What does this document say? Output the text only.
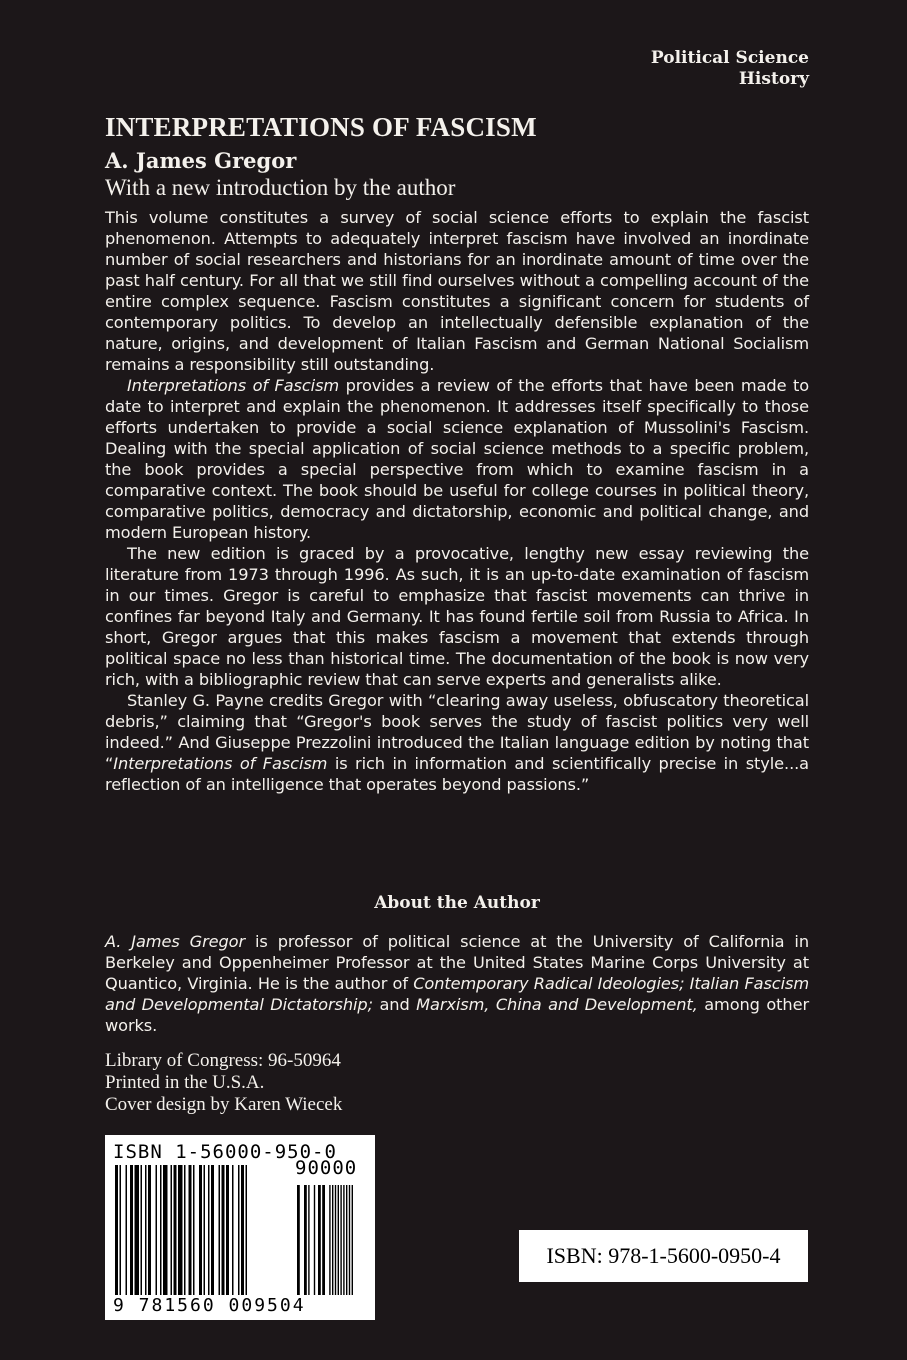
Political Science
History
INTERPRETATIONS OF FASCISM
A. James Gregor
With a new introduction by the author

This volume constitutes a survey of social science efforts to explain the fascist phenomenon. Attempts to adequately interpret fascism have involved an inordinate number of social researchers and historians for an inordinate amount of time over the past half century. For all that we still find ourselves without a compelling account of the entire complex sequence. Fascism constitutes a significant concern for students of contemporary politics. To develop an intellectually defensible explanation of the nature, origins, and development of Italian Fascism and German National Socialism remains a responsibility still outstanding.

Interpretations of Fascism provides a review of the efforts that have been made to date to interpret and explain the phenomenon. It addresses itself specifically to those efforts undertaken to provide a social science explanation of Mussolini's Fascism. Dealing with the special application of social science methods to a specific problem, the book provides a special perspective from which to examine fascism in a comparative context. The book should be useful for college courses in political theory, comparative politics, democracy and dictatorship, economic and political change, and modern European history.

The new edition is graced by a provocative, lengthy new essay reviewing the literature from 1973 through 1996. As such, it is an up-to-date examination of fascism in our times. Gregor is careful to emphasize that fascist movements can thrive in confines far beyond Italy and Germany. It has found fertile soil from Russia to Africa. In short, Gregor argues that this makes fascism a movement that extends through political space no less than historical time. The documentation of the book is now very rich, with a bibliographic review that can serve experts and generalists alike.

Stanley G. Payne credits Gregor with “clearing away useless, obfuscatory theoretical debris,” claiming that “Gregor's book serves the study of fascist politics very well indeed.” And Giuseppe Prezzolini introduced the Italian language edition by noting that “Interpretations of Fascism is rich in information and scientifically precise in style...a reflection of an intelligence that operates beyond passions.”

About the Author
A. James Gregor is professor of political science at the University of California in Berkeley and Oppenheimer Professor at the United States Marine Corps University at Quantico, Virginia. He is the author of Contemporary Radical Ideologies; Italian Fascism and Developmental Dictatorship; and Marxism, China and Development, among other works.
Library of Congress: 96-50964
Printed in the U.S.A.
Cover design by Karen Wiecek
ISBN 1-56000-950-0
90000
9 781560 009504
ISBN: 978-1-5600-0950-4
